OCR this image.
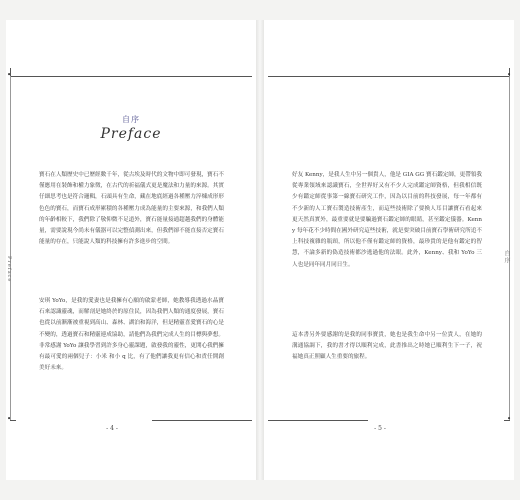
•
•
Preface
自序
Preface

寶石在人類歷史中已歷經數千年，從古埃及時代的文物中即可發現，寶石不僅應用在裝飾和權力象徵，在古代的祈福儀式更是魔法和力量的來源。其實仔細思考也是符合邏輯，石頭具有生命，藏在地底經過各種壓力淬煉成形形色色的寶石，而寶石成形累積的各種壓力成為能量的主要來源，和我們人類的年齡相較下，我們除了敬仰微不足道外，寶石能量接通超越我們的身體能量，需要說現今尚未有儀器可以完整偵測出來，但我們卻不能直接否定寶石能量的存在，只能說人類的科技擁有許多進步的空間。

安琪 YoYo，是我的愛妻也是我擁有心願的啟蒙老師，她教導我透過水晶寶石來認識靈魂，而解剖是她終於的原住民，因為我們人類的通度發展，寶石也從以前漸漸被重視到高山、森林、湖泊和海洋，但是精靈喜愛寶石的心是不變的，透過寶石和精靈連成協助，請他們為我們完成人生的目標與夢想。非常感謝 YoYo 讓我學習到許多身心靈課題，啟發我的靈性，更開心我們擁有最可愛的兩個兒子：小米 和小 q 比，有了他們讓我更有信心和責任開創美好未來。

- 4 -
•
•
自序

好友 Kenny，是我人生中另一個貴人，他是 GIA GG 寶石鑑定師，更帶領我從專業領域來認識寶石，全世界好又有不少人完成鑑定師資格，但我相信既少有鑑定師從事第一線寶石研究工作，因為以目前的科技發展，每一年都有不少新的人工寶石製造技術產生，而這些技術除了要換人耳目讓寶石看起來更天然真實外，最重要就是要騙過寶石鑑定師的眼睛，甚至鑑定儀器。Kenny 每年花不少時間在國外研究這些技術，就是要突破目前寶石學術研究所追不上科技複雜的瓶頸，所以他不僅有鑑定師的資格，最珍貴的是他有鑑定的智慧，不論多新的偽造技術都沙逃過他的法眼。此外，Kenny、我和 YoYo 三人也是同年同月同日生。

這本書另外要感謝的是我的同事寶貴，她也是我生命中另一位貴人，在她的溝通協調下，我的書才得以順利完成，此書推出之時她已順利生下一子，祝福她真正照顧人生重要的旅程。

- 5 -
